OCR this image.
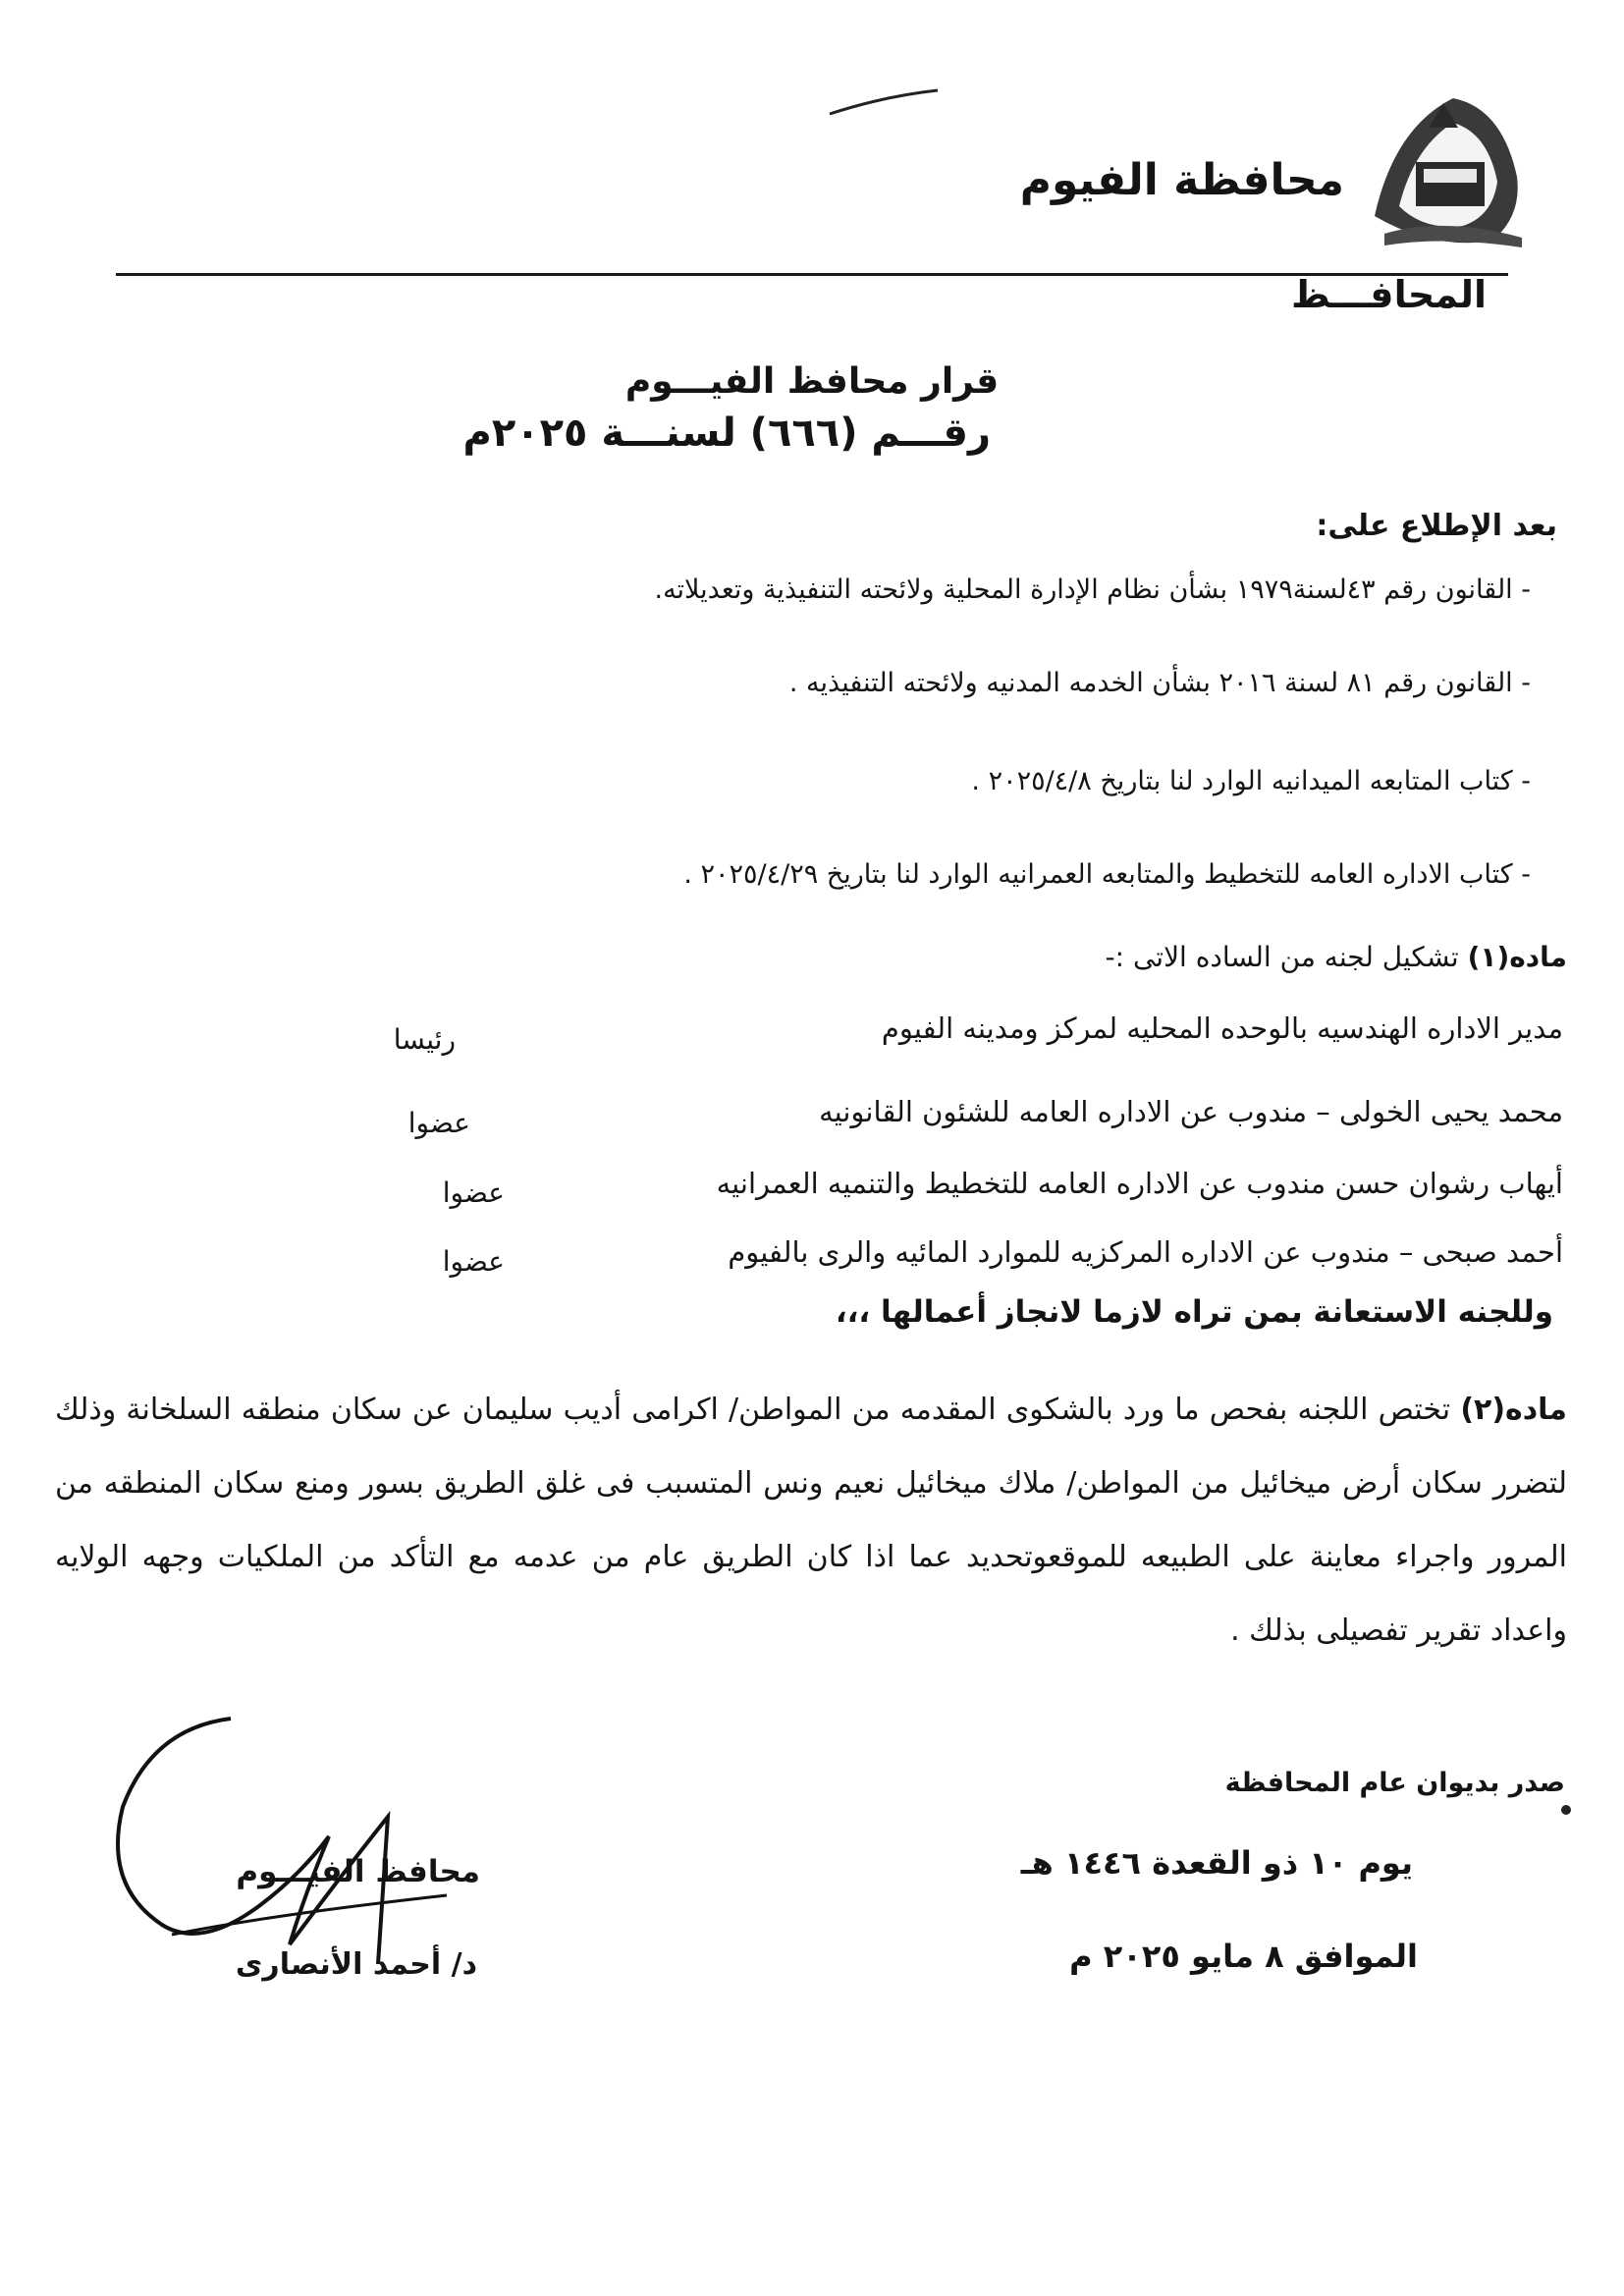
محافظة الفيوم
المحافـــظ
قرار محافظ الفيـــوم
رقـــم (٦٦٦) لسنـــة ٢٠٢٥م
بعد الإطلاع على:
- القانون رقم ٤٣لسنة١٩٧٩ بشأن نظام الإدارة المحلية ولائحته التنفيذية وتعديلاته.
- القانون رقم ٨١ لسنة ٢٠١٦ بشأن الخدمه المدنيه ولائحته التنفيذيه .
- كتاب المتابعه الميدانيه الوارد لنا بتاريخ ٢٠٢٥/٤/٨ .
- كتاب الاداره العامه للتخطيط والمتابعه العمرانيه الوارد لنا بتاريخ ٢٠٢٥/٤/٢٩ .
ماده(١) تشكيل لجنه من الساده الاتى :-
مدير الاداره الهندسيه بالوحده المحليه لمركز ومدينه الفيوم
رئيسا
محمد يحيى الخولى – مندوب عن الاداره العامه للشئون القانونيه
عضوا
أيهاب رشوان حسن مندوب عن الاداره العامه للتخطيط والتنميه العمرانيه
عضوا
أحمد صبحى – مندوب عن الاداره المركزيه للموارد المائيه والرى بالفيوم
عضوا
وللجنه الاستعانة بمن تراه لازما لانجاز أعمالها ،،،
ماده(٢) تختص اللجنه بفحص ما ورد بالشكوى المقدمه من المواطن/ اكرامى أديب سليمان عن سكان منطقه السلخانة وذلك لتضرر سكان أرض ميخائيل من المواطن/ ملاك ميخائيل نعيم ونس المتسبب فى غلق الطريق بسور ومنع سكان المنطقه من المرور واجراء معاينة على الطبيعه للموقعوتحديد عما اذا كان الطريق عام من عدمه مع التأكد من الملكيات وجهه الولايه واعداد تقرير تفصيلى بذلك .
صدر بديوان عام المحافظة
يوم ١٠ ذو القعدة ١٤٤٦ هـ
الموافق ٨ مايو ٢٠٢٥ م
محافظ الفيـــوم
د/ أحمد الأنصارى
